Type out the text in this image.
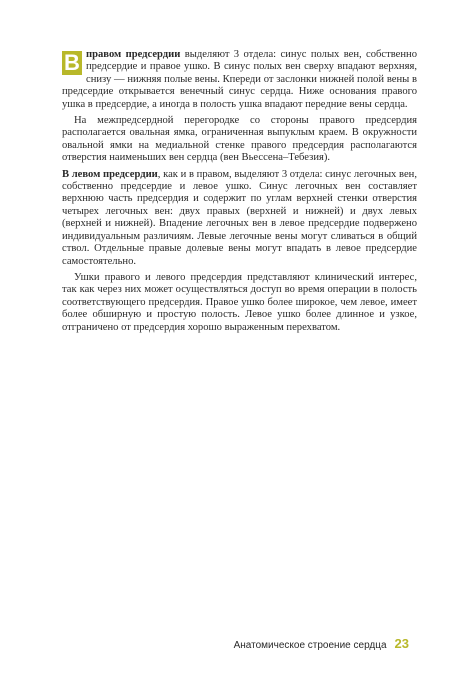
В правом предсердии выделяют 3 отдела: синус полых вен, собственно предсердие и правое ушко. В синус полых вен сверху впадают верхняя, снизу — нижняя полые вены. Кпереди от заслонки нижней полой вены в предсердие открывается венечный синус сердца. Ниже основания правого ушка в предсердие, а иногда в полость ушка впадают передние вены сердца.

На межпредсердной перегородке со стороны правого предсердия располагается овальная ямка, ограниченная выпуклым краем. В окружности овальной ямки на медиальной стенке правого предсердия располагаются отверстия наименьших вен сердца (вен Вьессена–Тебезия).

В левом предсердии, как и в правом, выделяют 3 отдела: синус легочных вен, собственно предсердие и левое ушко. Синус легочных вен составляет верхнюю часть предсердия и содержит по углам верхней стенки отверстия четырех легочных вен: двух правых (верхней и нижней) и двух левых (верхней и нижней). Впадение легочных вен в левое предсердие подвержено индивидуальным различиям. Левые легочные вены могут сливаться в общий ствол. Отдельные правые долевые вены могут впадать в левое предсердие самостоятельно.

Ушки правого и левого предсердия представляют клинический интерес, так как через них может осуществляться доступ во время операции в полость соответствующего предсердия. Правое ушко более широкое, чем левое, имеет более обширную и простую полость. Левое ушко более длинное и узкое, отграничено от предсердия хорошо выраженным перехватом.

Анатомическое строение сердца 23
